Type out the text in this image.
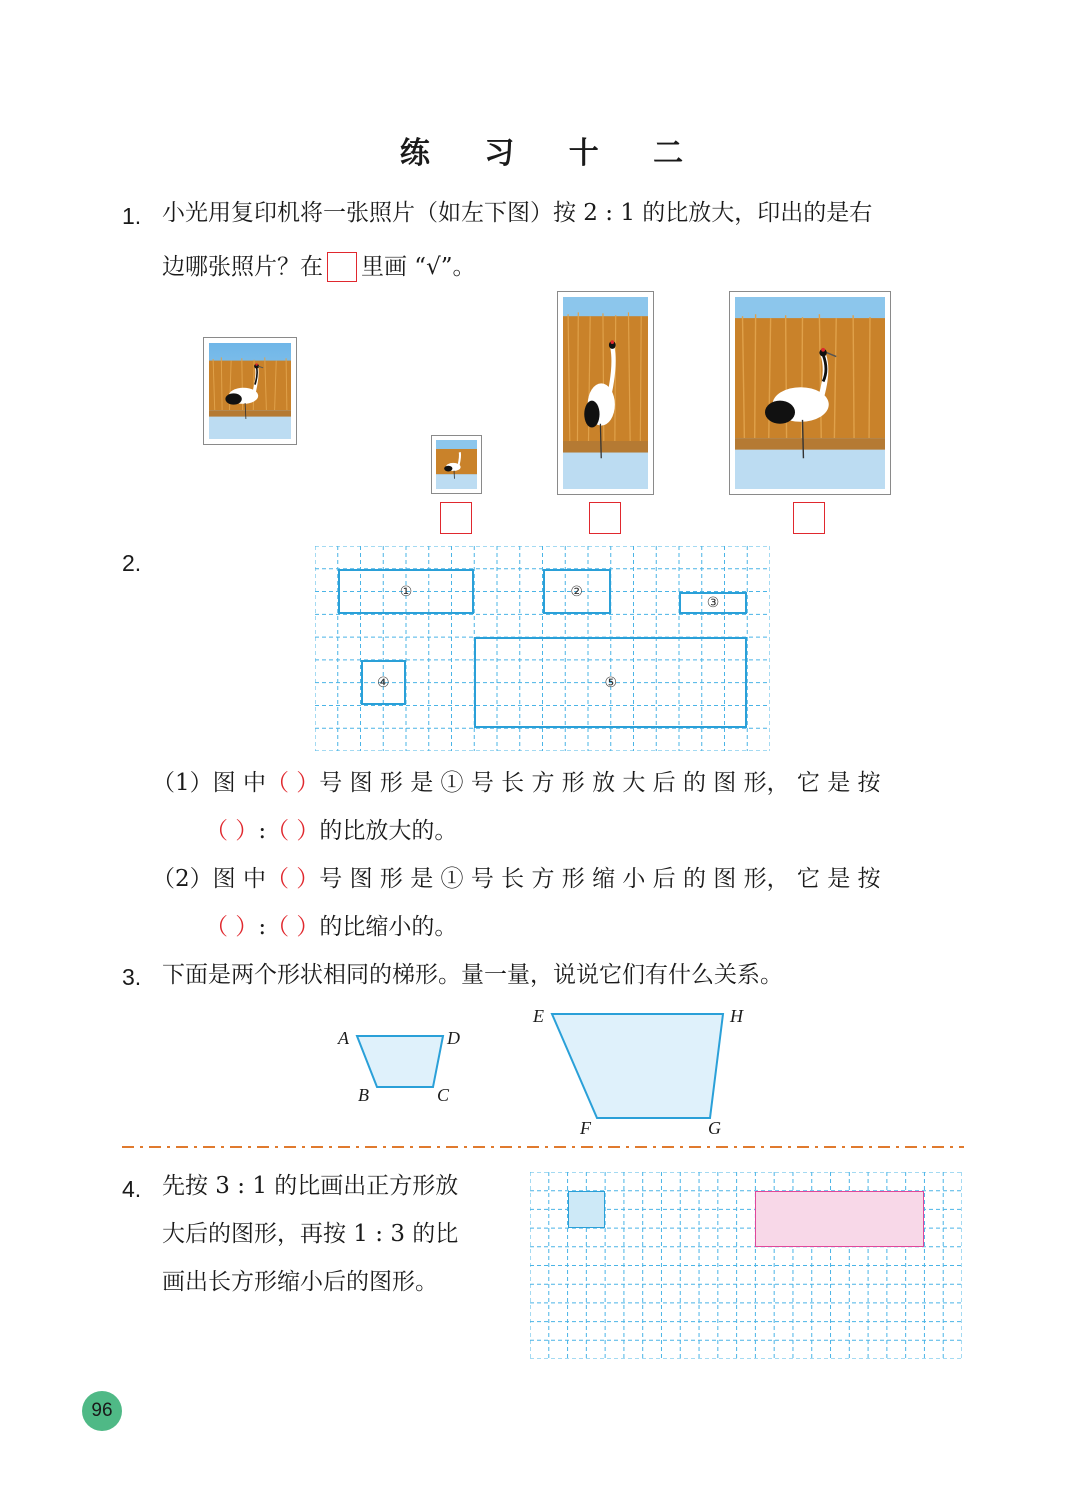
练 习 十 二
1. 小光用复印机将一张照片（如左下图）按 2 : 1 的比放大，印出的是右
边哪张照片？在 里画 “√”。
2.
①	②
③
④	⑤
（1）图 中（ ）号 图 形 是 ① 号 长 方 形 放 大 后 的 图 形， 它 是 按
（ ）:（ ）的比放大的。
（2）图 中（ ）号 图 形 是 ① 号 长 方 形 缩 小 后 的 图 形， 它 是 按
（ ）:（ ）的比缩小的。
3. 下面是两个形状相同的梯形。量一量，说说它们有什么关系。
A	D
B	C
E	H
F	G
4. 先按 3 : 1 的比画出正方形放
大后的图形，再按 1 : 3 的比
画出长方形缩小后的图形。
96
